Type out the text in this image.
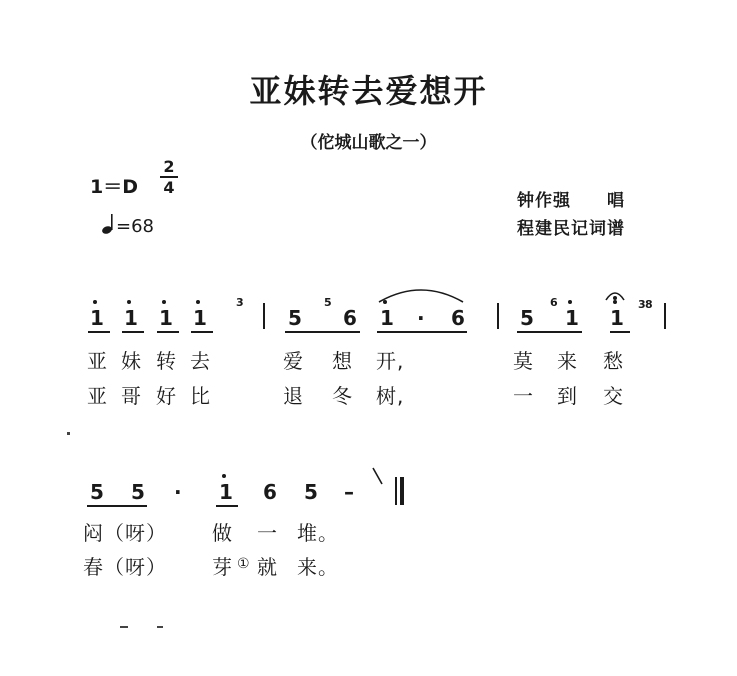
亚妹转去爱想开
（佗城山歌之一）
1＝D
2
4
=68
钟作强　　唱
程建民记词谱
1 1 1 1	5 6 1 · 6	5 1 1
3	5	6	3 8
亚 妹 转 去	爱 想 开,	莫 来 愁
亚 哥 好 比	退 冬 树,	一 到 交
5 5 · 1 6 5 –
闷（呀） 做 一 堆。
春（呀） 芽 ① 就 来。
